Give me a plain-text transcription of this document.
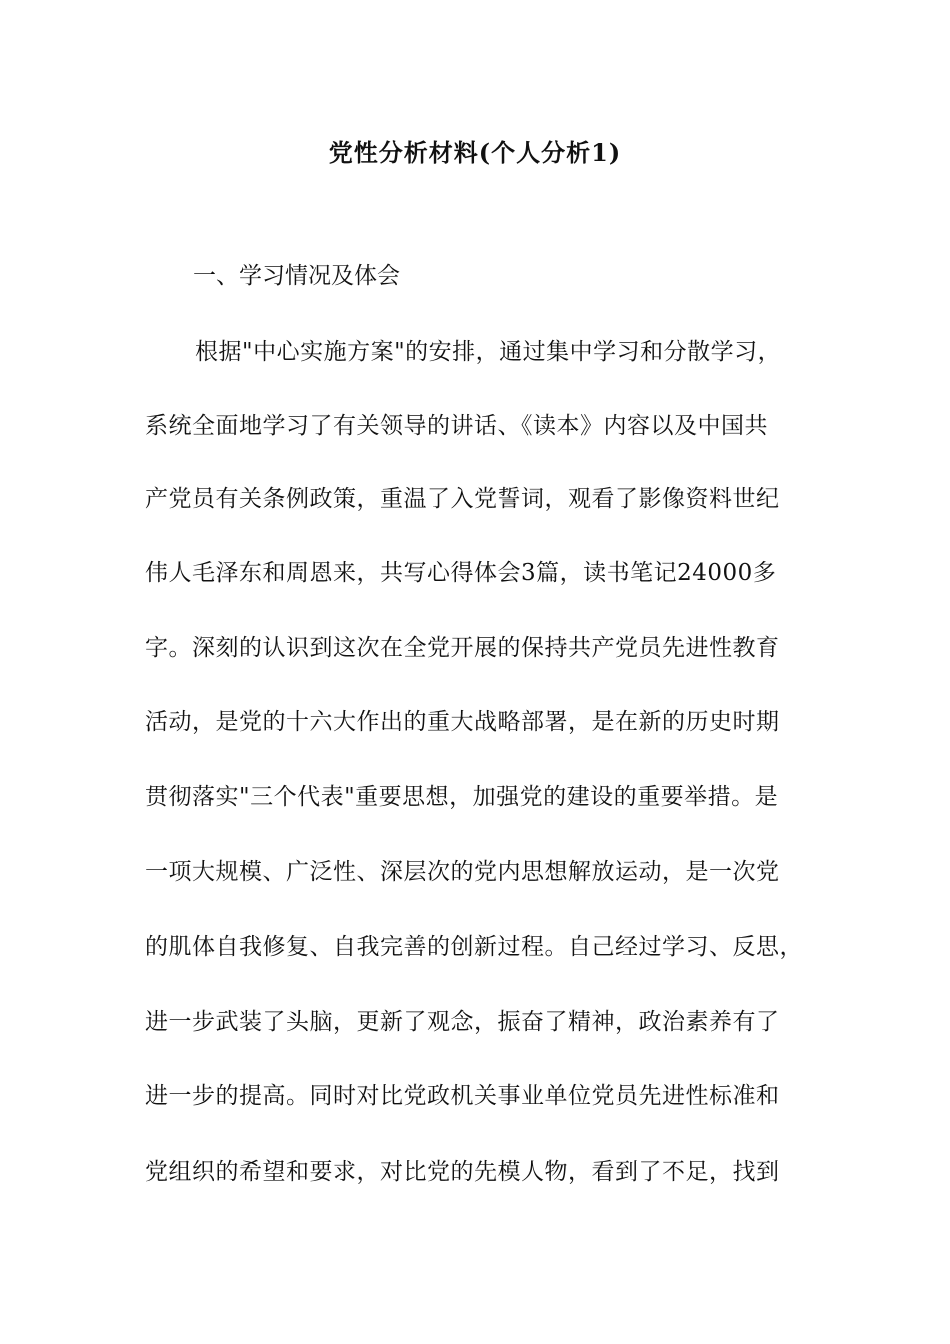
党性分析材料(个人分析1)
一、学习情况及体会
根据"中心实施方案"的安排，通过集中学习和分散学习，
系统全面地学习了有关领导的讲话、《读本》内容以及中国共
产党员有关条例政策，重温了入党誓词，观看了影像资料世纪
伟人毛泽东和周恩来，共写心得体会3篇，读书笔记24000多
字。深刻的认识到这次在全党开展的保持共产党员先进性教育
活动，是党的十六大作出的重大战略部署，是在新的历史时期
贯彻落实"三个代表"重要思想，加强党的建设的重要举措。是
一项大规模、广泛性、深层次的党内思想解放运动，是一次党
的肌体自我修复、自我完善的创新过程。自己经过学习、反思，
进一步武装了头脑，更新了观念，振奋了精神，政治素养有了
进一步的提高。同时对比党政机关事业单位党员先进性标准和
党组织的希望和要求，对比党的先模人物，看到了不足，找到
